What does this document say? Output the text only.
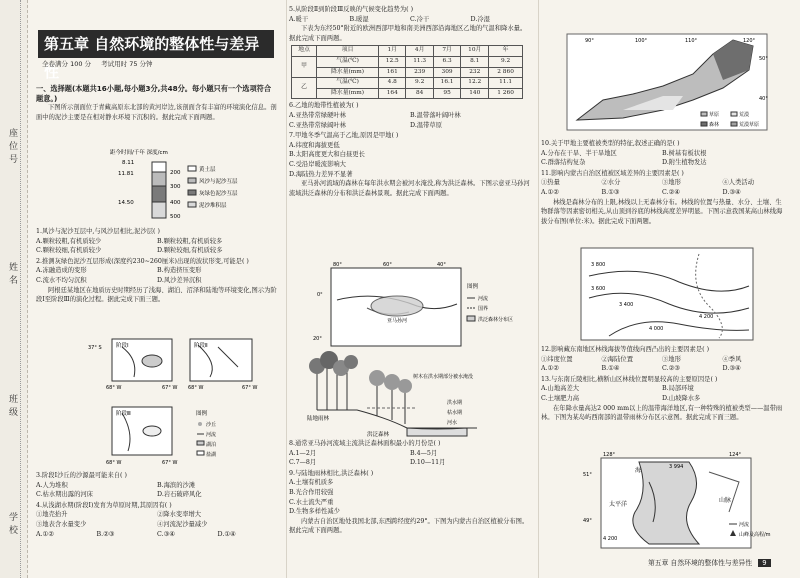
座位号
姓名
班级
学校
第五章 自然环境的整体性与差异性
全卷满分 100 分 考试用时 75 分钟
一、选择题(本题共16小题,每小题3分,共48分。每小题只有一个选项符合题意。)
下图所示剖面位于青藏高原东北部的黄河岸边,该剖面含有丰富的环境演化信息。剖面中的泥沙主要是在相对静水环境下沉积的。据此完成下面两题。
距今时间/千年 深度/cm
8.11
11.81
14.50
200
300
400
500
黄土层
风沙与泥沙互层
灰绿色泥沙互层
泥沙堆积层
1.风沙与泥沙互层中,与风沙层相比,泥沙层( )
A.颗粒较粗,有机质较少	B.颗粒较粗,有机质较多
C.颗粒较细,有机质较少	D.颗粒较细,有机质较多
2.推测灰绿色泥沙互层形成(深度约230~260厘米)出现的波状形变,可能是( )
A.冻融造成的变形	B.构造挤压变形
C.流水不均匀沉积	D.风沙差异沉积
阿根廷某地区在地质历史时期经历了浅海、湖泊、沼泽和陆地等环境变化,图示为阶段Ⅰ至阶段Ⅲ的演化过程。据此完成下面三题。
阶段Ⅰ
37° S
68° W	67° W
阶段Ⅱ
68° W	67° W
阶段Ⅲ
68° W	67° W
图例
沙丘
河流
湖泊
盐湖
3.阶段Ⅰ沙丘的沙源最可能来自( )
A.人为堆积	B.海滨的沙滩
C.枯水期出露的河床	D.岩石破碎风化
4.从浅湖水期(阶段Ⅰ)发育为草原时期,其原因有( )
①地壳抬升	②降水变率增大
③地表含水量变少	④河流泥沙量减少
A.①②	B.②③	C.③④	D.①④
5.从阶段Ⅱ到阶段Ⅲ反映的气候变化趋势为( )
A.暖干	B.暖湿	C.冷干	D.冷湿
下表为东经50°附近的欧洲西部甲地和南美洲西部沿海地区乙地的气温和降水量。据此完成下面两题。
地点	项目	1月	4月	7月	10月	年
甲	气温(℃)	12.5	11.3	6.3	8.1	9.2
	降水量(mm)	161	239	309	232	2 860
乙	气温(℃)	4.8	9.2	16.1	12.2	11.1
	降水量(mm)	164	84	95	140	1 260
6.乙地的地带性植被为( )
A.亚热带常绿硬叶林	B.温带落叶阔叶林
C.亚热带常绿阔叶林	D.温带草原
7.甲地冬季气温高于乙地,原因是甲地( )
A.纬度和海拔更低
B.太阳高度更大和白昼更长
C.受沿岸暖流影响大
D.海陆热力差异不显著
亚马孙河流域的森林在每年洪水期会被河水淹没,称为洪泛森林。下图示意亚马孙河流域洪泛森林的分布和洪泛森林景观。据此完成下面两题。
80°	60°	40°
0°
20°
图例
河流
国界
洪泛森林分布区
亚马孙河
陆地雨林
洪泛森林
树木在洪水期部分被水淹没
洪水期
枯水期
河水
8.通常亚马孙河流域主流洪泛森林面积最小的月份是( )
A.1—2月	B.4—5月
C.7—8月	D.10—11月
9.与陆地雨林相比,洪泛森林( )
A.土壤有机质多
B.光合作用较强
C.水土流失严重
D.生物多样性减少
内蒙古自治区地处我国北部,东西跨经度约29°。下图为内蒙古自治区植被分布图。据此完成下面两题。
90°	100°	110°	120°
50°
40°
草原	荒漠
森林	荒漠草原
10.关于甲地主要植被类型的特征,叙述正确的是( )
A.分布在干旱、半干旱地区	B.树基有板状根
C.群落结构复杂	D.附生植物发达
11.影响内蒙古自治区植被区域差异的主要因素是( )
①热量	②水分	③地形	④人类活动
A.①②	B.①③	C.②④	D.③④
林线是森林分布的上限,林线以上无森林分布。林线的位置与热量、水分、土壤、生物群落等因素密切相关,从山顶到谷底的林线高度差异明显。下图示意我国某高山林线海拔分布图(单位:米)。据此完成下面两题。
3 800
3 600
3 400
4 000
4 200
12.影响藏东南地区林线海拔等值线向西凸出的主要因素是( )
①纬度位置	②海陆位置	③地形	④季风
A.①②	B.①④	C.②③	D.③④
13.与东南丘陵相比,横断山区林线位置明显较高的主要原因是( )
A.山地高差大	B.局部环境
C.土壤肥力高	D.山坡降水多
在年降水量高达2 000 mm以上的温带海洋地区,有一种特殊的植被类型——温带雨林。下图为某岛屿西南部的温带雨林分布区示意图。据此完成下面三题。
128°	124°
51°
49°
3 994
4 200
海
山脉
太平洋
河流
山峰及高程/m
第五章 自然环境的整体性与差异性 9
